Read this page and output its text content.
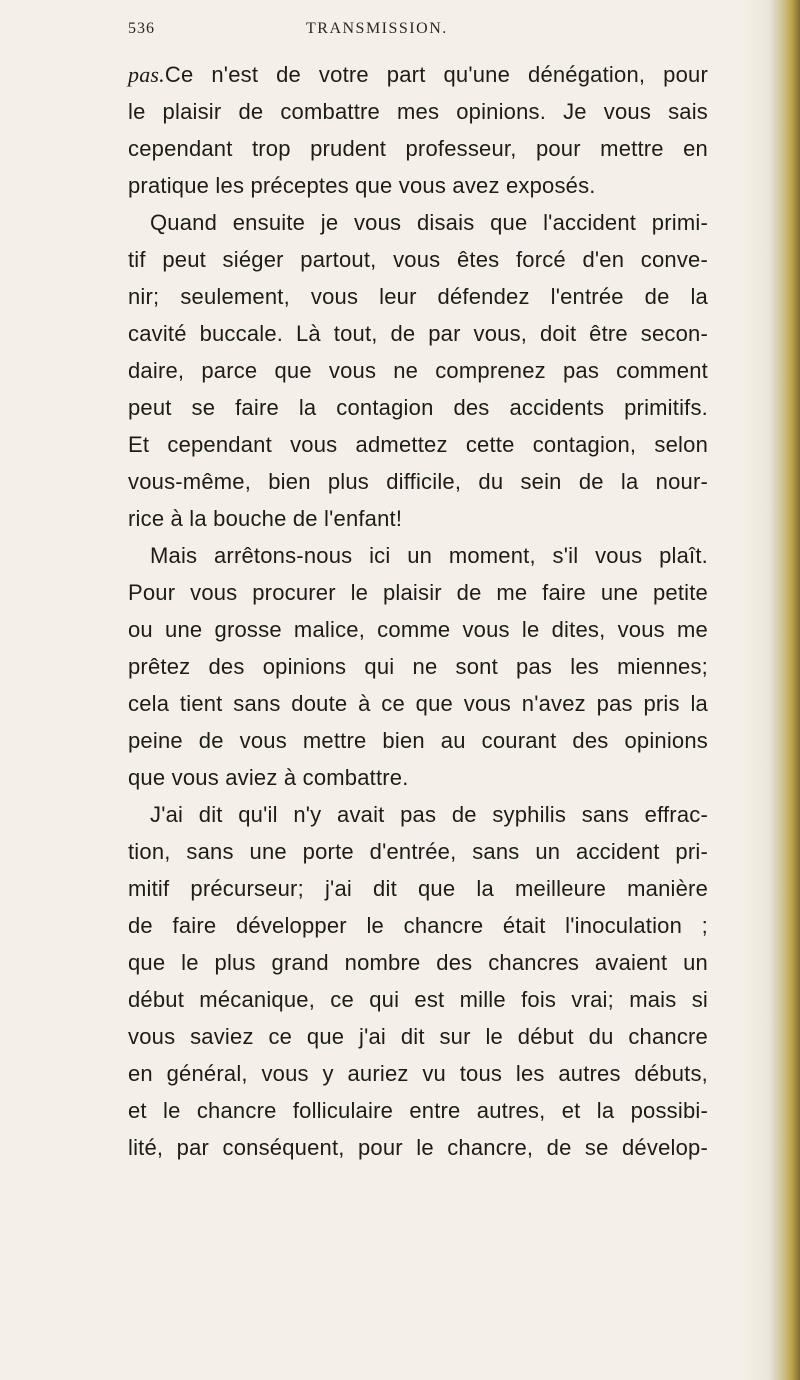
536	TRANSMISSION.
pas.Ce n'est de votre part qu'une dénégation, pour
le plaisir de combattre mes opinions. Je vous sais
cependant trop prudent professeur, pour mettre en
pratique les préceptes que vous avez exposés.
Quand ensuite je vous disais que l'accident primi-
tif peut siéger partout, vous êtes forcé d'en conve-
nir; seulement, vous leur défendez l'entrée de la
cavité buccale. Là tout, de par vous, doit être secon-
daire, parce que vous ne comprenez pas comment
peut se faire la contagion des accidents primitifs.
Et cependant vous admettez cette contagion, selon
vous-même, bien plus difficile, du sein de la nour-
rice à la bouche de l'enfant!
Mais arrêtons-nous ici un moment, s'il vous plaît.
Pour vous procurer le plaisir de me faire une petite
ou une grosse malice, comme vous le dites, vous me
prêtez des opinions qui ne sont pas les miennes;
cela tient sans doute à ce que vous n'avez pas pris la
peine de vous mettre bien au courant des opinions
que vous aviez à combattre.
J'ai dit qu'il n'y avait pas de syphilis sans effrac-
tion, sans une porte d'entrée, sans un accident pri-
mitif précurseur; j'ai dit que la meilleure manière
de faire développer le chancre était l'inoculation ;
que le plus grand nombre des chancres avaient un
début mécanique, ce qui est mille fois vrai; mais si
vous saviez ce que j'ai dit sur le début du chancre
en général, vous y auriez vu tous les autres débuts,
et le chancre folliculaire entre autres, et la possibi-
lité, par conséquent, pour le chancre, de se dévelop-
